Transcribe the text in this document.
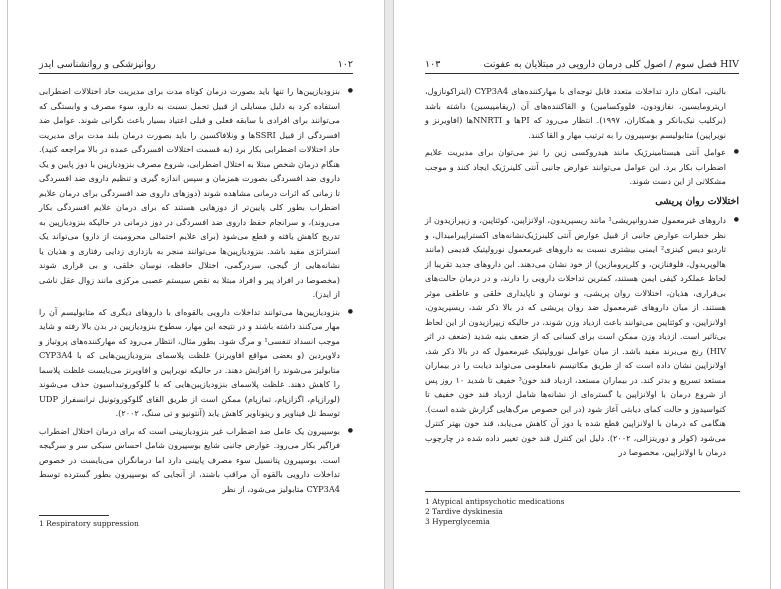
روانپزشکی و روانشناسی ایدز	۱۰۲

● بنزودیازپین‌ها را تنها باید بصورت درمان کوتاه مدت برای مدیریت حاد اختلالات اضطرابی استفاده کرد به دلیل مسایلی از قبیل تحمل نسبت به دارو، سوء مصرف و وابستگی که می‌توانند برای افرادی با سابقه فعلی و قبلی اعتیاد بسیار باعث نگرانی شوند. عوامل ضد افسردگی از قبیل SSRIها و ونلافاکسین را باید بصورت درمان بلند مدت برای مدیریت حاد اختلالات اضطرابی بکار برد (به قسمت اختلالات افسردگی عمده در بالا مراجعه کنید). هنگام درمان شخص مبتلا به اختلال اضطرابی، شروع مصرف بنزودیازپین با دوز پایین و یک داروی ضد افسردگی بصورت همزمان و سپس اندازه گیری و تنظیم داروی ضد افسردگی تا زمانی که اثرات درمانی مشاهده شوند (دوزهای داروی ضد افسردگی برای درمان علایم اضطراب بطور کلی پایین‌تر از دوزهایی هستند که برای درمان علایم افسردگی بکار می‌روند)، و سرانجام حفظ داروی ضد افسردگی در دوز درمانی در حالیکه بنزودیازپین به تدریج کاهش یافته و قطع می‌شود (برای علایم احتمالی محرومیت از دارو) می‌تواند یک استراتژی مفید باشد. بنزودیازپین‌ها می‌توانند منجر به بازداری زدایی رفتاری و هذیان یا نشانه‌هایی از گیجی، سردرگمی، اختلال حافظه، نوسان خلقی، و بی قراری شوند (مخصوصا در افراد پیر و افراد مبتلا به نقص سیستم عصبی مرکزی مانند زوال عقل ناشی از ایدز).

● بنزودیازپین‌ها می‌توانند تداخلات دارویی بالقوه‌ای با داروهای دیگری که متابولیسم آن را مهار می‌کنند داشته باشند و در نتیجه این مهار، سطوح بنزودیازپین در بدن بالا رفته و شاید موجب انسداد تنفسی¹ و مرگ شود. بطور مثال، انتظار می‌رود که مهارکننده‌های پروتیاز و دلاویردین (و بعضی مواقع افاویرنز) غلظت پلاسمای بنزودیازپین‌هایی که با CYP3A4 متابولیز می‌شوند را افزایش دهند. در حالیکه نویراپین و افاویرنز می‌بایست غلظت پلاسما را کاهش دهند. غلظت پلاسمای بنزودیازپین‌هایی که با گلوکوروتیداسیون حذف می‌شوند (لورازپام، اگزازپام، تمازپام) ممکن است از طریق القای گلوکوروتونیل ترانسفراز UDP توسط تل فیناویر و ریتوناویر کاهش یابد (آنتونیو و تی سنگ، ۲۰۰۲).

● بوسپیرون یک عامل ضد اضطراب غیر بنزودیازپینی است که برای درمان اختلال اضطراب فراگیر بکار می‌رود. عوارض جانبی شایع بوسپیرون شامل احساس سبکی سر و سرگیجه است. بوسپیرون پتانسیل سوء مصرف پایینی دارد اما درمانگران می‌بایست در خصوص تداخلات دارویی بالقوه آن مراقب باشند، از آنجایی که بوسپیرون بطور گسترده توسط CYP3A4 متابولیز می‌شود، از نظر

1 Respiratory suppression
فصل سوم / اصول کلی درمان دارویی در مبتلایان به عفونت HIV
۱۰۳

بالینی، امکان دارد تداخلات متعدد قابل توجه‌ای با مهارکننده‌های CYP3A4 (ایتراکونازول، اریترومایسین، نفازودون، فلووکسامین) و القاکننده‌های آن (ریفامپیسین) داشته باشد (برکلیب نیک‌بانکر و همکاران، ۱۹۹۷). انتظار می‌رود که PIها و NNRTIها (افاویرنز و نویراپین) متابولیسم بوسپیرون را به ترتیب مهار و القا کنند.

● عوامل آنتی هیستامینرژیک مانند هیدروکسی زین را نیز می‌توان برای مدیریت علایم اضطراب بکار برد. این عوامل می‌توانند عوارض جانبی آنتی کلینرژیک ایجاد کنند و موجب مشکلاتی از این دست شوند.

اختلالات روان پریشی

● داروهای غیرمعمول ضدروانپریشی¹ مانند ریسپریدون، اولانزاپین، کوئتاپین، و زیپرازیدون از نظر خطرات عوارض جانبی از قبیل عوارض آنتی کلینرژیک‌نشانه‌های اکستراپیرامیدال، و تاردیو دیس کینزی² ایمنی بیشتری نسبت به داروهای غیرمعمول نورولپتیک قدیمی (مانند هالوپریدول، فلوفنازین، و کلرپرومازین) از خود نشان می‌دهند. این داروهای جدید تقریبا از لحاظ عملکرد کیفی ایمن هستند، کمترین تداخلات دارویی را دارند، و در درمان حالت‌های بی‌قراری، هذیان، اختلالات روان پریشی، و نوسان و ناپایداری خلقی و عاطفی موثر هستند. از میان داروهای غیرمعمول ضد روان پریشی که در بالا ذکر شد، ریسپریدون، اولانزاپین، و کوئتاپین می‌توانند باعث ازدیاد وزن شوند، در حالیکه زیپرازیدون از این لحاظ بی‌تاثیر است. ازدیاد وزن ممکن است برای کسانی که از ضعف بنیه شدید (ضعف در اثر HIV) رنج می‌برند مفید باشد. از میان عوامل نورولپتیک غیرمعمول که در بالا ذکر شد، اولانزاپین نشان داده است که از طریق مکانیسم نامعلومی می‌تواند دیابت را در بیماران مستعد تسریع و بدتر کند. در بیماران مستعد، ازدیاد قند خون³ خفیف تا شدید ۱۰ روز پس از شروع درمان با اولانزاپین یا گستره‌ای از نشانه‌ها شامل ازدیاد قند خون خفیف تا کتواسیدوز و حالت کمای دیابتی آغاز شود (در این خصوص مرگ‌هایی گزارش شده است). هنگامی که درمان با اولانزاپین قطع شده یا دوز آن کاهش می‌یابد، قند خون بهتر کنترل می‌شود (کولر و دوریتزالی، ۲۰۰۲). دلیل این کنترل قند خون تغییر داده شده در چارچوب درمان با اولانزاپین، مخصوصا در

1 Atypical antipsychotic medications
2 Tardive dyskinesia
3 Hyperglycemia
